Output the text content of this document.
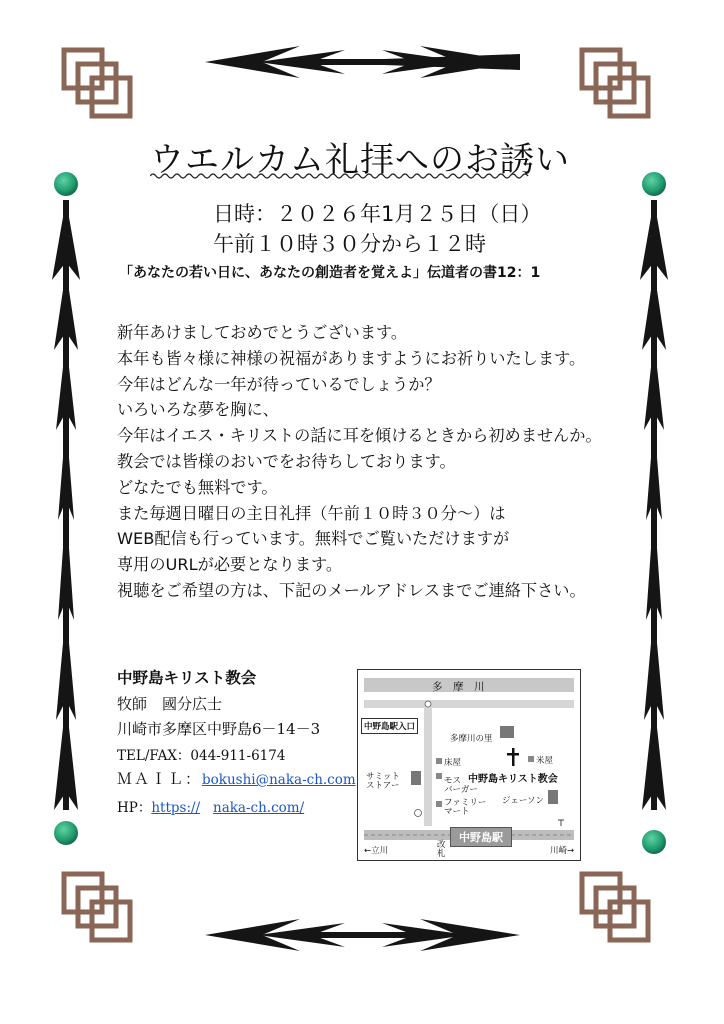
ウエルカム礼拝へのお誘い
日時：２０２６年1月２５日（日）
午前１０時３０分から１２時
「あなたの若い日に、あなたの創造者を覚えよ」伝道者の書12：1
新年あけましておめでとうございます。
本年も皆々様に神様の祝福がありますようにお祈りいたします。
今年はどんな一年が待っているでしょうか？
いろいろな夢を胸に、
今年はイエス・キリストの話に耳を傾けるときから初めませんか。
教会では皆様のおいでをお待ちしております。
どなたでも無料です。
また毎週日曜日の主日礼拝（午前１０時３０分～）は
WEB配信も行っています。無料でご覧いただけますが
専用のURLが必要となります。
視聴をご希望の方は、下記のメールアドレスまでご連絡下さい。
中野島キリスト教会
牧師　國分広士
川崎市多摩区中野島6－14－3
TEL/FAX：044-911-6174
ＭＡＩＬ：bokushi@naka-ch.com
HP：https:// naka-ch.com/
多　摩　川
中野島駅入口
多摩川の里
床屋	米屋
サミット
ストアー	モス
バーガー
中野島キリスト教会
ファミリー
マート
ジェーソン
中野島駅
←立川	川崎→
改
札
